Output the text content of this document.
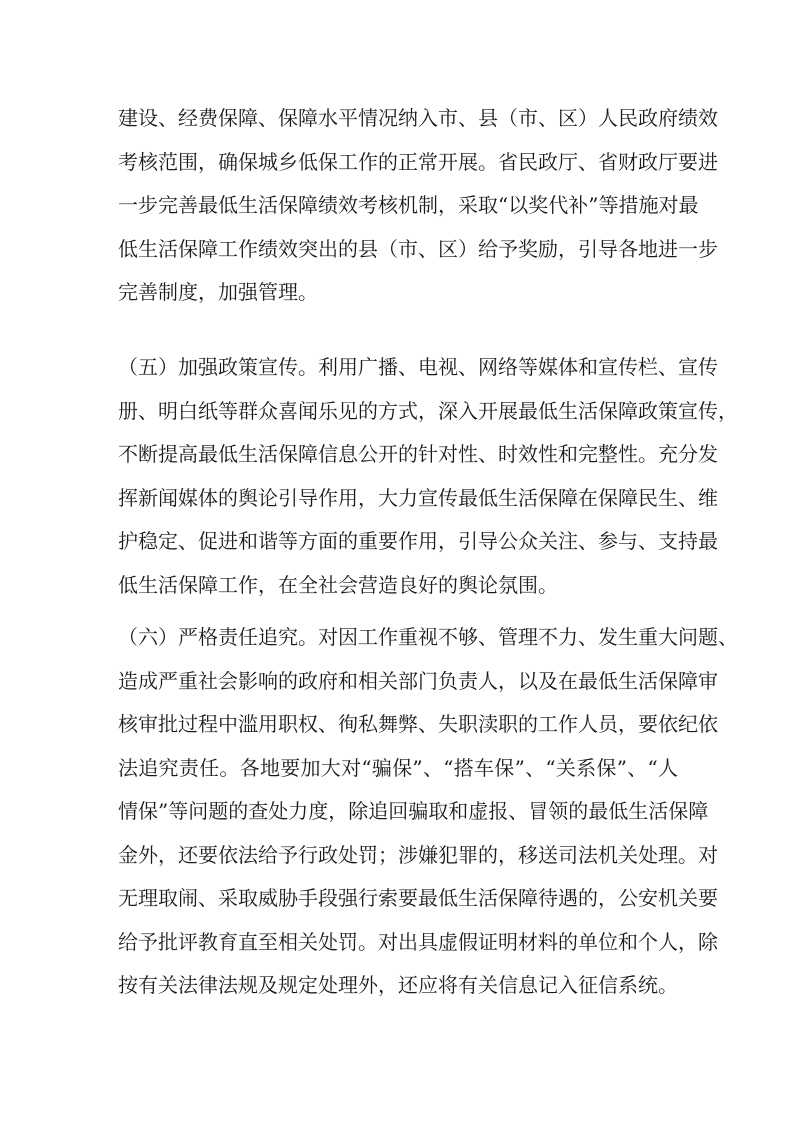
建设、经费保障、保障水平情况纳入市、县（市、区）人民政府绩效
考核范围，确保城乡低保工作的正常开展。省民政厅、省财政厅要进
一步完善最低生活保障绩效考核机制，采取“以奖代补”等措施对最
低生活保障工作绩效突出的县（市、区）给予奖励，引导各地进一步
完善制度，加强管理。
（五）加强政策宣传。利用广播、电视、网络等媒体和宣传栏、宣传
册、明白纸等群众喜闻乐见的方式，深入开展最低生活保障政策宣传，
不断提高最低生活保障信息公开的针对性、时效性和完整性。充分发
挥新闻媒体的舆论引导作用，大力宣传最低生活保障在保障民生、维
护稳定、促进和谐等方面的重要作用，引导公众关注、参与、支持最
低生活保障工作，在全社会营造良好的舆论氛围。
（六）严格责任追究。对因工作重视不够、管理不力、发生重大问题、
造成严重社会影响的政府和相关部门负责人，以及在最低生活保障审
核审批过程中滥用职权、徇私舞弊、失职渎职的工作人员，要依纪依
法追究责任。各地要加大对“骗保”、“搭车保”、“关系保”、“人
情保”等问题的查处力度，除追回骗取和虚报、冒领的最低生活保障
金外，还要依法给予行政处罚；涉嫌犯罪的，移送司法机关处理。对
无理取闹、采取威胁手段强行索要最低生活保障待遇的，公安机关要
给予批评教育直至相关处罚。对出具虚假证明材料的单位和个人，除
按有关法律法规及规定处理外，还应将有关信息记入征信系统。
